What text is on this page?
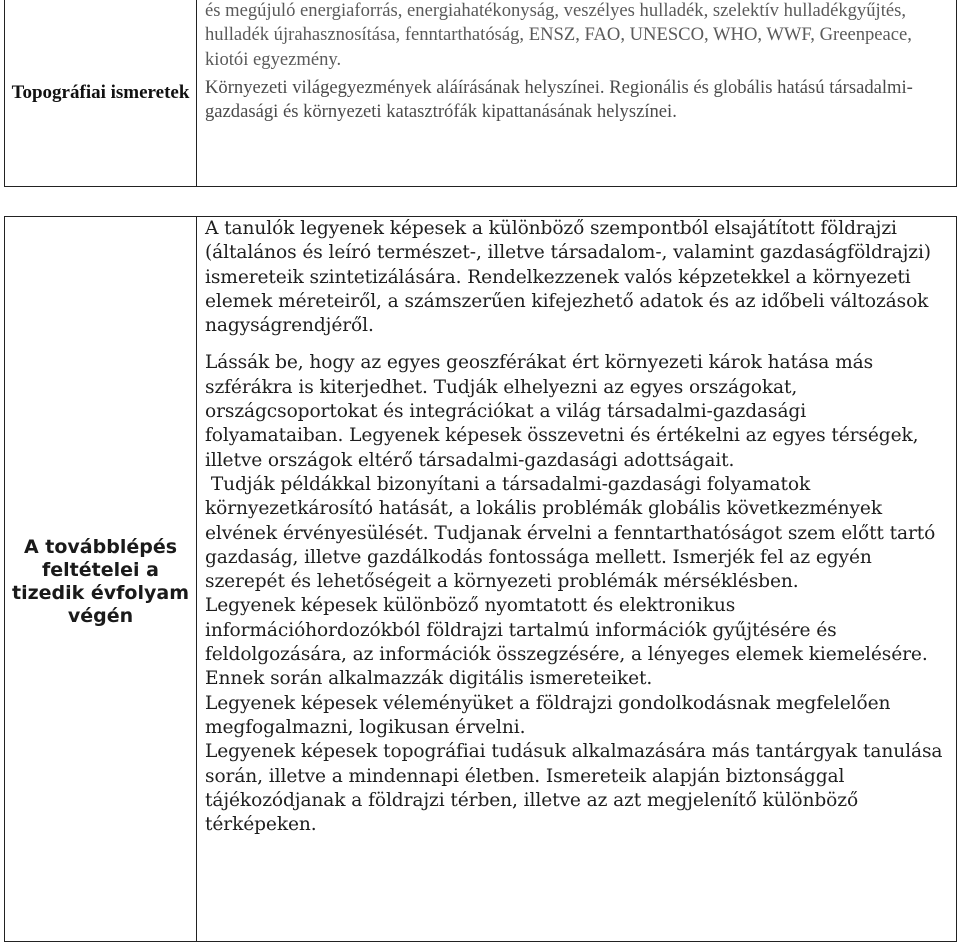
Topográfiai ismeretek	

és megújuló energiaforrás, energiahatékonyság, veszélyes hulladék, szelektív hulladékgyűjtés, hulladék újrahasznosítása, fenntarthatóság, ENSZ, FAO, UNESCO, WHO, WWF, Greenpeace, kiotói egyezmény.

Környezeti világegyezmények aláírásának helyszínei. Regionális és globális hatású társadalmi-gazdasági és környezeti katasztrófák kipattanásának helyszínei.

A továbblépés feltételei a tizedik évfolyam végén	

A tanulók legyenek képesek a különböző szempontból elsajátított földrajzi (általános és leíró természet-, illetve társadalom-, valamint gazdaságföldrajzi) ismereteik szintetizálására. Rendelkezzenek valós képzetekkel a környezeti elemek méreteiről, a számszerűen kifejezhető adatok és az időbeli változások nagyságrendjéről.

Lássák be, hogy az egyes geoszférákat ért környezeti károk hatása más szférákra is kiterjedhet. Tudják elhelyezni az egyes országokat, országcsoportokat és integrációkat a világ társadalmi-gazdasági folyamataiban. Legyenek képesek összevetni és értékelni az egyes térségek, illetve országok eltérő társadalmi-gazdasági adottságait.

Tudják példákkal bizonyítani a társadalmi-gazdasági folyamatok környezetkárosító hatását, a lokális problémák globális következmények elvének érvényesülését. Tudjanak érvelni a fenntarthatóságot szem előtt tartó gazdaság, illetve gazdálkodás fontossága mellett. Ismerjék fel az egyén szerepét és lehetőségeit a környezeti problémák mérséklésben.

Legyenek képesek különböző nyomtatott és elektronikus információhordozókból földrajzi tartalmú információk gyűjtésére és feldolgozására, az információk összegzésére, a lényeges elemek kiemelésére. Ennek során alkalmazzák digitális ismereteiket.

Legyenek képesek véleményüket a földrajzi gondolkodásnak megfelelően megfogalmazni, logikusan érvelni.

Legyenek képesek topográfiai tudásuk alkalmazására más tantárgyak tanulása során, illetve a mindennapi életben. Ismereteik alapján biztonsággal tájékozódjanak a földrajzi térben, illetve az azt megjelenítő különböző térképeken.
